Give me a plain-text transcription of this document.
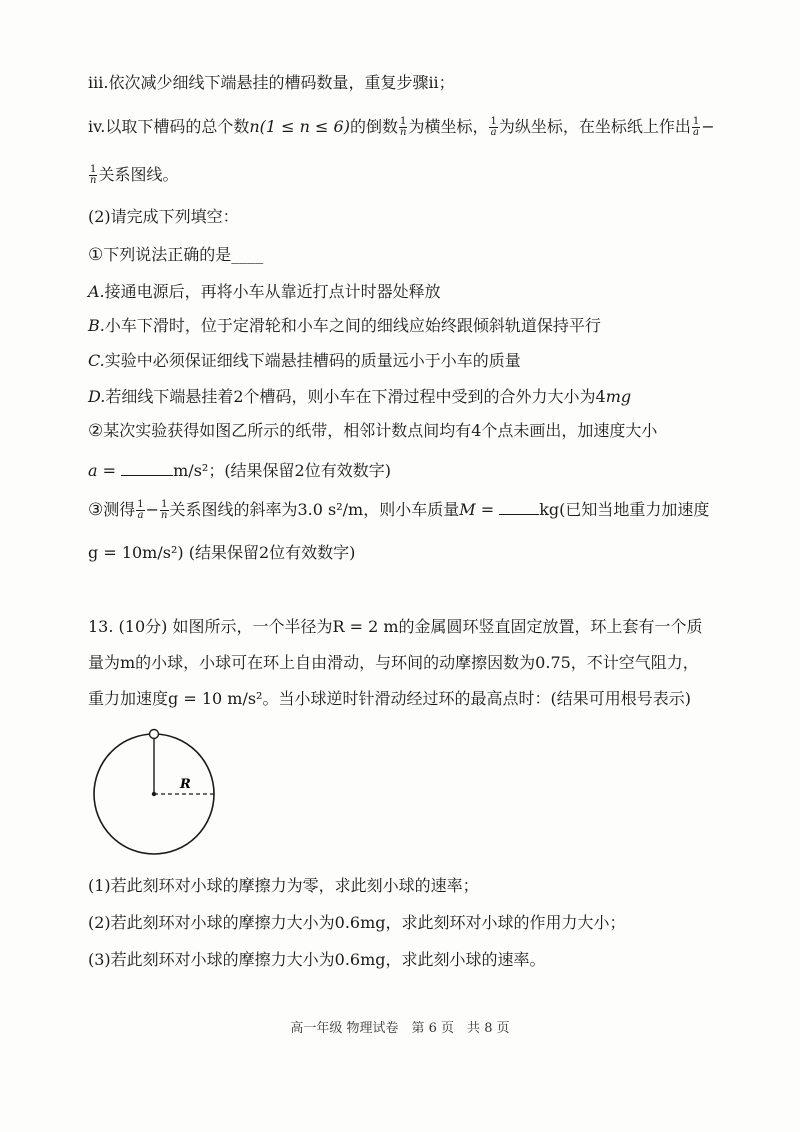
iii.依次减少细线下端悬挂的槽码数量，重复步骤ii；
iv.以取下槽码的总个数n(1 ≤ n ≤ 6)的倒数 $\frac{1}{n}$ 为横坐标， $\frac{1}{a}$ 为纵坐标，在坐标纸上作出 $\frac{1}{a}$ −
$\frac{1}{n}$ 关系图线。
(2)请完成下列填空：
①下列说法正确的是____
A.接通电源后，再将小车从靠近打点计时器处释放
B.小车下滑时，位于定滑轮和小车之间的细线应始终跟倾斜轨道保持平行
C.实验中必须保证细线下端悬挂槽码的质量远小于小车的质量
D.若细线下端悬挂着2个槽码，则小车在下滑过程中受到的合外力大小为4mg
②某次实验获得如图乙所示的纸带，相邻计数点间均有4个点未画出，加速度大小
a =	m/s²；(结果保留2位有效数字)
③测得 $\frac{1}{a} - \frac{1}{n}$ 关系图线的斜率为3.0 s²/m，则小车质量M =	kg(已知当地重力加速度
g = 10m/s²) (结果保留2位有效数字)
13. (10分) 如图所示，一个半径为R = 2 m的金属圆环竖直固定放置，环上套有一个质
量为m的小球，小球可在环上自由滑动，与环间的动摩擦因数为0.75，不计空气阻力，
重力加速度g = 10 m/s²。当小球逆时针滑动经过环的最高点时：(结果可用根号表示)
R
(1)若此刻环对小球的摩擦力为零，求此刻小球的速率；
(2)若此刻环对小球的摩擦力大小为0.6mg，求此刻环对小球的作用力大小；
(3)若此刻环对小球的摩擦力大小为0.6mg，求此刻小球的速率。
高一年级 物理试卷　第 6 页　共 8 页
